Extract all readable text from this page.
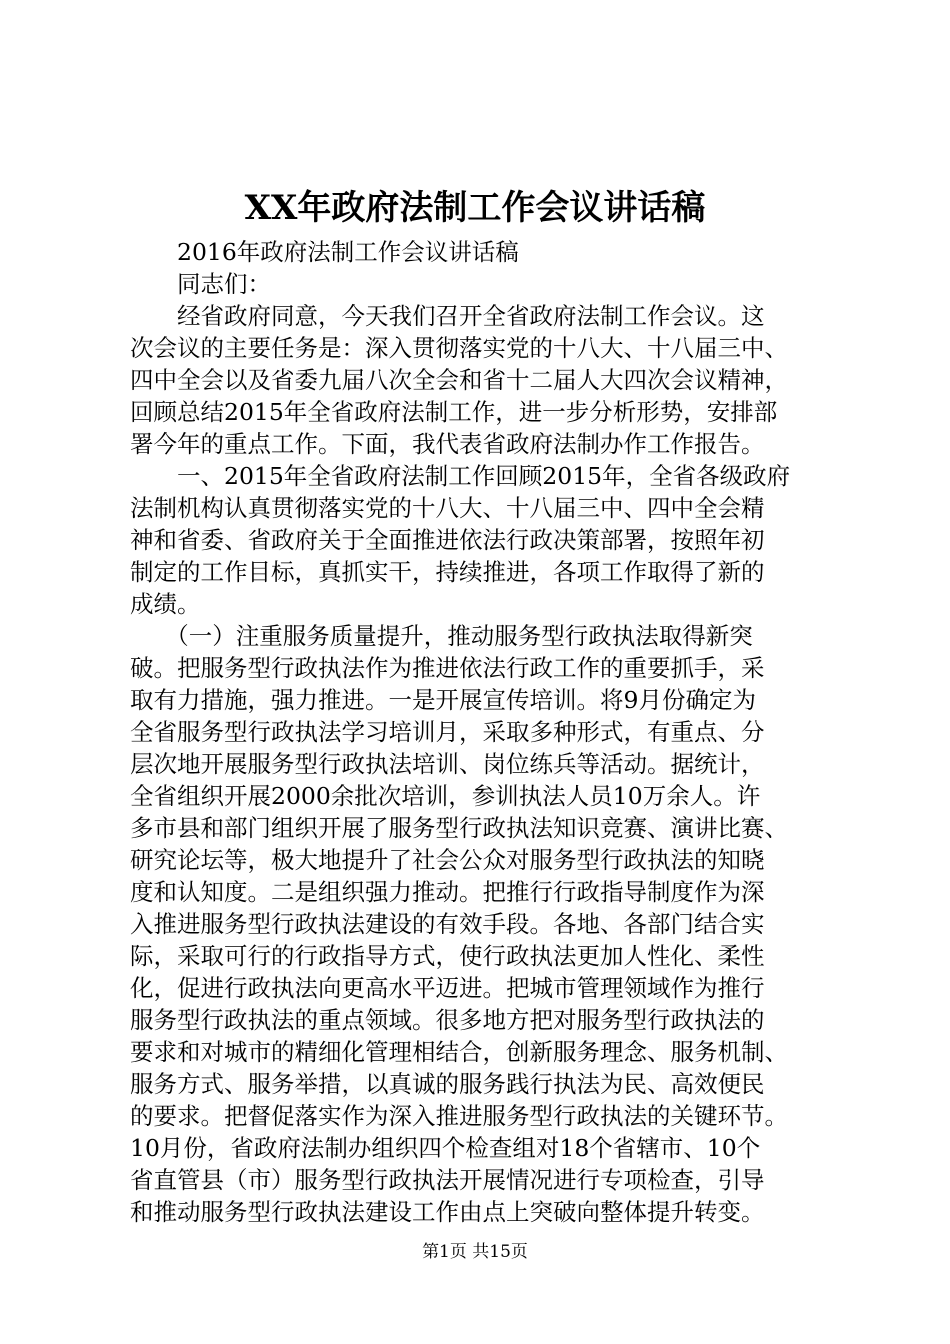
XX年政府法制工作会议讲话稿
　　2016年政府法制工作会议讲话稿
　　同志们：
　　经省政府同意，今天我们召开全省政府法制工作会议。这
次会议的主要任务是：深入贯彻落实党的十八大、十八届三中、
四中全会以及省委九届八次全会和省十二届人大四次会议精神，
回顾总结2015年全省政府法制工作，进一步分析形势，安排部
署今年的重点工作。下面，我代表省政府法制办作工作报告。
　　一、2015年全省政府法制工作回顾2015年，全省各级政府
法制机构认真贯彻落实党的十八大、十八届三中、四中全会精
神和省委、省政府关于全面推进依法行政决策部署，按照年初
制定的工作目标，真抓实干，持续推进，各项工作取得了新的
成绩。
　　（一）注重服务质量提升，推动服务型行政执法取得新突
破。把服务型行政执法作为推进依法行政工作的重要抓手，采
取有力措施，强力推进。一是开展宣传培训。将9月份确定为
全省服务型行政执法学习培训月，采取多种形式，有重点、分
层次地开展服务型行政执法培训、岗位练兵等活动。据统计，
全省组织开展2000余批次培训，参训执法人员10万余人。许
多市县和部门组织开展了服务型行政执法知识竞赛、演讲比赛、
研究论坛等，极大地提升了社会公众对服务型行政执法的知晓
度和认知度。二是组织强力推动。把推行行政指导制度作为深
入推进服务型行政执法建设的有效手段。各地、各部门结合实
际，采取可行的行政指导方式，使行政执法更加人性化、柔性
化，促进行政执法向更高水平迈进。把城市管理领域作为推行
服务型行政执法的重点领域。很多地方把对服务型行政执法的
要求和对城市的精细化管理相结合，创新服务理念、服务机制、
服务方式、服务举措，以真诚的服务践行执法为民、高效便民
的要求。把督促落实作为深入推进服务型行政执法的关键环节。
10月份，省政府法制办组织四个检查组对18个省辖市、10个
省直管县（市）服务型行政执法开展情况进行专项检查，引导
和推动服务型行政执法建设工作由点上突破向整体提升转变。
第1页 共15页
